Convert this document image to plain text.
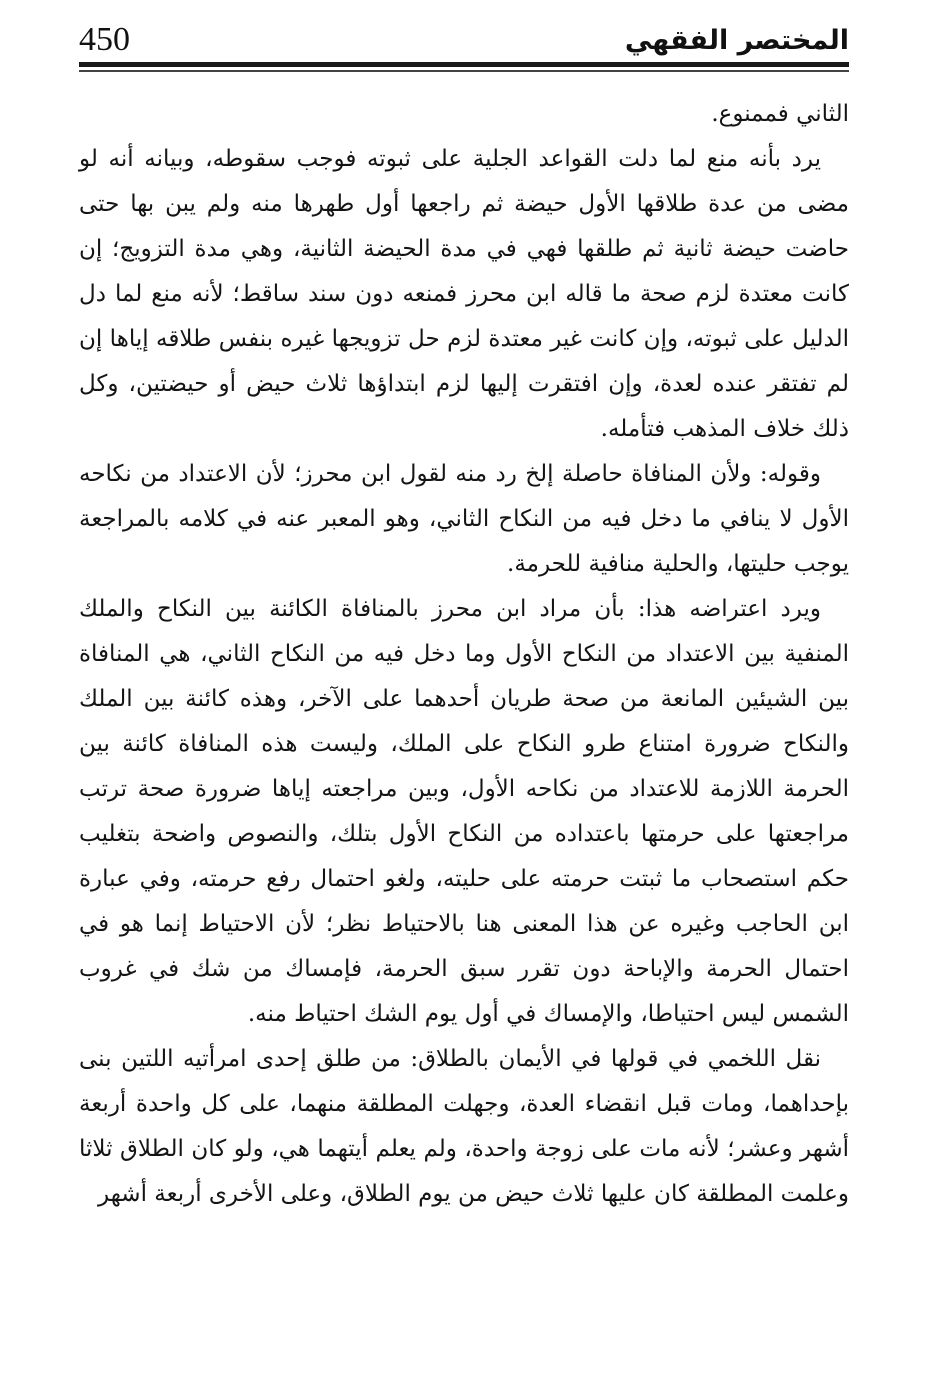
450	المختصر الفقهي

الثاني فممنوع.

يرد بأنه منع لما دلت القواعد الجلية على ثبوته فوجب سقوطه، وبيانه أنه لو مضى من عدة طلاقها الأول حيضة ثم راجعها أول طهرها منه ولم يبن بها حتى حاضت حيضة ثانية ثم طلقها فهي في مدة الحيضة الثانية، وهي مدة التزويج؛ إن كانت معتدة لزم صحة ما قاله ابن محرز فمنعه دون سند ساقط؛ لأنه منع لما دل الدليل على ثبوته، وإن كانت غير معتدة لزم حل تزويجها غيره بنفس طلاقه إياها إن لم تفتقر عنده لعدة، وإن افتقرت إليها لزم ابتداؤها ثلاث حيض أو حيضتين، وكل ذلك خلاف المذهب فتأمله.

وقوله: ولأن المنافاة حاصلة إلخ رد منه لقول ابن محرز؛ لأن الاعتداد من نكاحه الأول لا ينافي ما دخل فيه من النكاح الثاني، وهو المعبر عنه في كلامه بالمراجعة يوجب حليتها، والحلية منافية للحرمة.

ويرد اعتراضه هذا: بأن مراد ابن محرز بالمنافاة الكائنة بين النكاح والملك المنفية بين الاعتداد من النكاح الأول وما دخل فيه من النكاح الثاني، هي المنافاة بين الشيئين المانعة من صحة طريان أحدهما على الآخر، وهذه كائنة بين الملك والنكاح ضرورة امتناع طرو النكاح على الملك، وليست هذه المنافاة كائنة بين الحرمة اللازمة للاعتداد من نكاحه الأول، وبين مراجعته إياها ضرورة صحة ترتب مراجعتها على حرمتها باعتداده من النكاح الأول بتلك، والنصوص واضحة بتغليب حكم استصحاب ما ثبتت حرمته على حليته، ولغو احتمال رفع حرمته، وفي عبارة ابن الحاجب وغيره عن هذا المعنى هنا بالاحتياط نظر؛ لأن الاحتياط إنما هو في احتمال الحرمة والإباحة دون تقرر سبق الحرمة، فإمساك من شك في غروب الشمس ليس احتياطا، والإمساك في أول يوم الشك احتياط منه.

نقل اللخمي في قولها في الأيمان بالطلاق: من طلق إحدى امرأتيه اللتين بنى بإحداهما، ومات قبل انقضاء العدة، وجهلت المطلقة منهما، على كل واحدة أربعة أشهر وعشر؛ لأنه مات على زوجة واحدة، ولم يعلم أيتهما هي، ولو كان الطلاق ثلاثا وعلمت المطلقة كان عليها ثلاث حيض من يوم الطلاق، وعلى الأخرى أربعة أشهر
